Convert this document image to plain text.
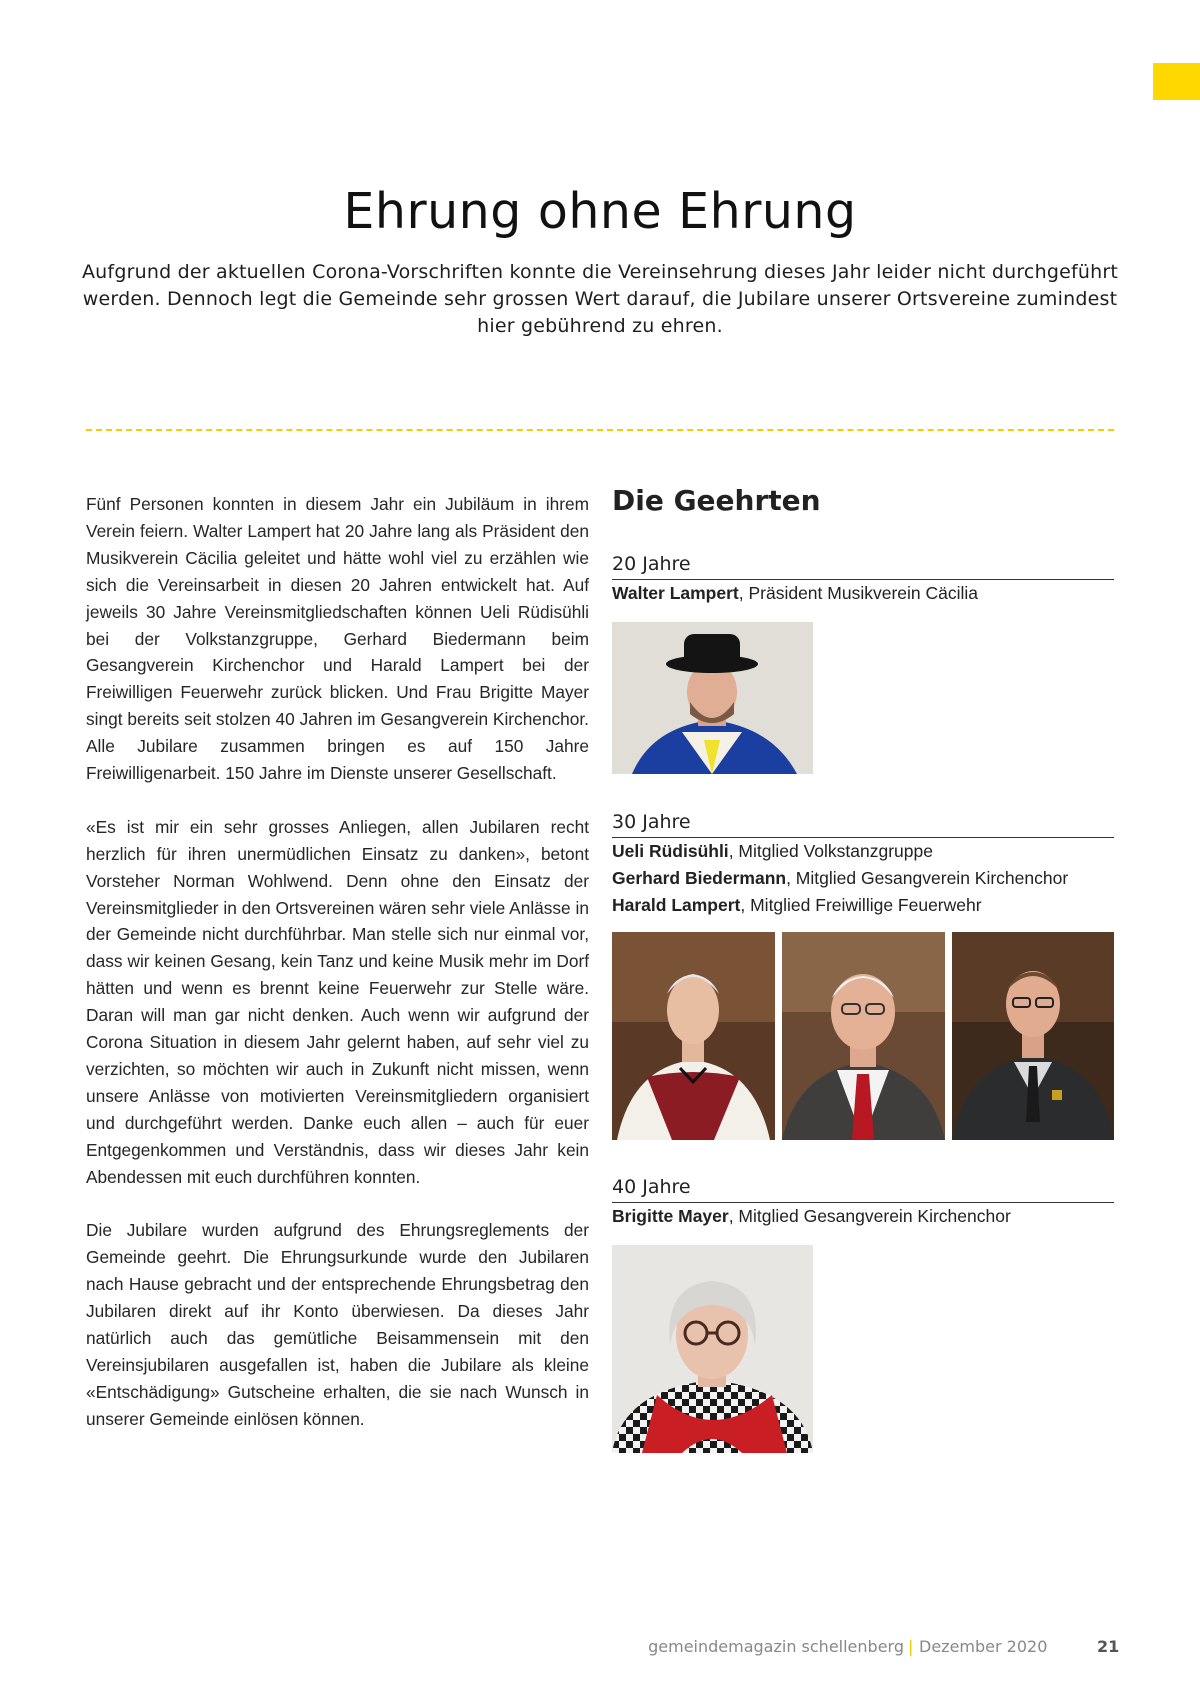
Ehrung ohne Ehrung

Aufgrund der aktuellen Corona-Vorschriften konnte die Vereinsehrung dieses Jahr leider nicht durchgeführt werden. Dennoch legt die Gemeinde sehr grossen Wert darauf, die Jubilare unserer Ortsvereine zumindest hier gebührend zu ehren.

Fünf Personen konnten in diesem Jahr ein Jubiläum in ihrem Verein feiern. Walter Lampert hat 20 Jahre lang als Präsident den Musikverein Cäcilia geleitet und hätte wohl viel zu erzählen wie sich die Vereinsarbeit in diesen 20 Jahren entwickelt hat. Auf jeweils 30 Jahre Vereinsmitgliedschaften können Ueli Rüdisühli bei der Volkstanzgruppe, Gerhard Biedermann beim Gesangverein Kirchenchor und Harald Lampert bei der Freiwilligen Feuerwehr zurück blicken. Und Frau Brigitte Mayer singt bereits seit stolzen 40 Jahren im Gesangverein Kirchenchor. Alle Jubilare zusammen bringen es auf 150 Jahre Freiwilligenarbeit. 150 Jahre im Dienste unserer Gesellschaft.

«Es ist mir ein sehr grosses Anliegen, allen Jubilaren recht herzlich für ihren unermüdlichen Einsatz zu danken», betont Vorsteher Norman Wohlwend. Denn ohne den Einsatz der Vereinsmitglieder in den Ortsvereinen wären sehr viele Anlässe in der Gemeinde nicht durchführbar. Man stelle sich nur einmal vor, dass wir keinen Gesang, kein Tanz und keine Musik mehr im Dorf hätten und wenn es brennt keine Feuerwehr zur Stelle wäre. Daran will man gar nicht denken. Auch wenn wir aufgrund der Corona Situation in diesem Jahr gelernt haben, auf sehr viel zu verzichten, so möchten wir auch in Zukunft nicht missen, wenn unsere Anlässe von motivierten Vereinsmitgliedern organisiert und durchgeführt werden. Danke euch allen – auch für euer Entgegenkommen und Verständnis, dass wir dieses Jahr kein Abendessen mit euch durchführen konnten.

Die Jubilare wurden aufgrund des Ehrungsreglements der Gemeinde geehrt. Die Ehrungsurkunde wurde den Jubilaren nach Hause gebracht und der entsprechende Ehrungsbetrag den Jubilaren direkt auf ihr Konto überwiesen. Da dieses Jahr natürlich auch das gemütliche Beisammensein mit den Vereinsjubilaren ausgefallen ist, haben die Jubilare als kleine «Entschädigung» Gutscheine erhalten, die sie nach Wunsch in unserer Gemeinde einlösen können.

Die Geehrten
20 Jahre
Walter Lampert, Präsident Musikverein Cäcilia
30 Jahre
Ueli Rüdisühli, Mitglied Volkstanzgruppe
Gerhard Biedermann, Mitglied Gesangverein Kirchenchor
Harald Lampert, Mitglied Freiwillige Feuerwehr
40 Jahre
Brigitte Mayer, Mitglied Gesangverein Kirchenchor
gemeindemagazin schellenberg | Dezember 2020	21
